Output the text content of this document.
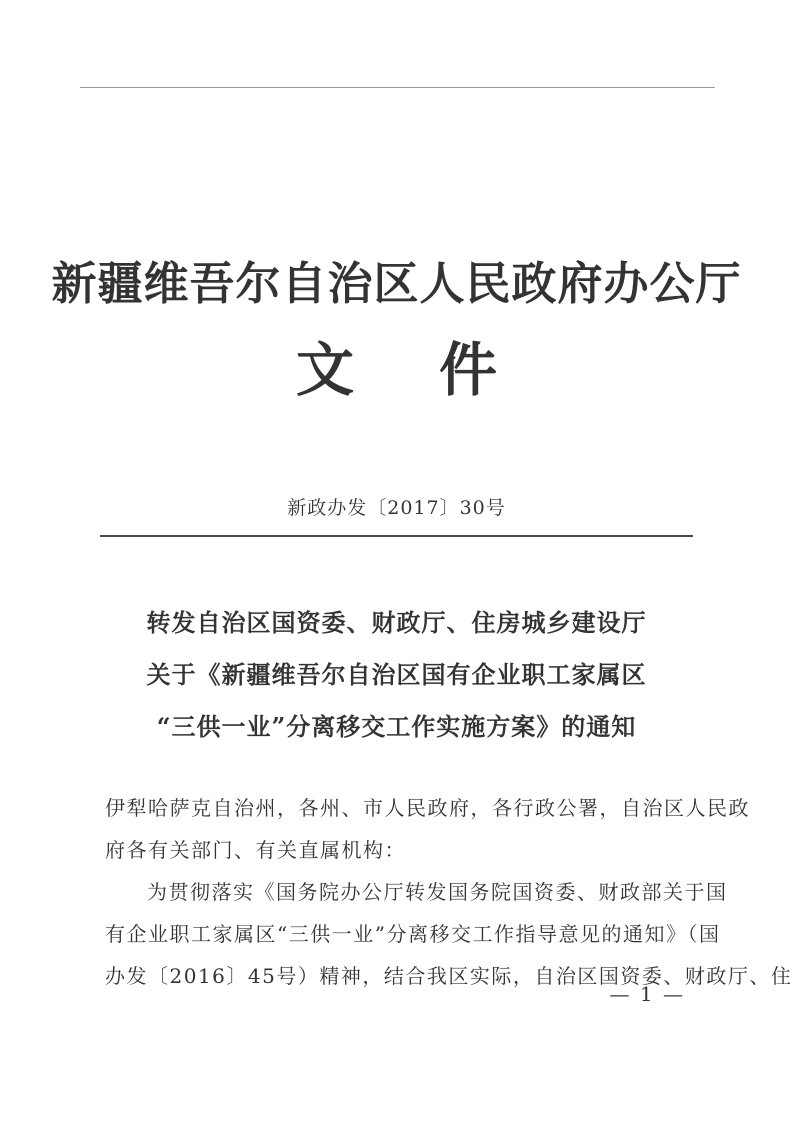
新疆维吾尔自治区人民政府办公厅
文件
新政办发〔2017〕30号
转发自治区国资委、财政厅、住房城乡建设厅
关于《新疆维吾尔自治区国有企业职工家属区
“三供一业”分离移交工作实施方案》的通知
伊犁哈萨克自治州，各州、市人民政府，各行政公署，自治区人民政
府各有关部门、有关直属机构：
为贯彻落实《国务院办公厅转发国务院国资委、财政部关于国
有企业职工家属区“三供一业”分离移交工作指导意见的通知》（国
办发〔2016〕45号）精神，结合我区实际，自治区国资委、财政厅、住
— 1 —
